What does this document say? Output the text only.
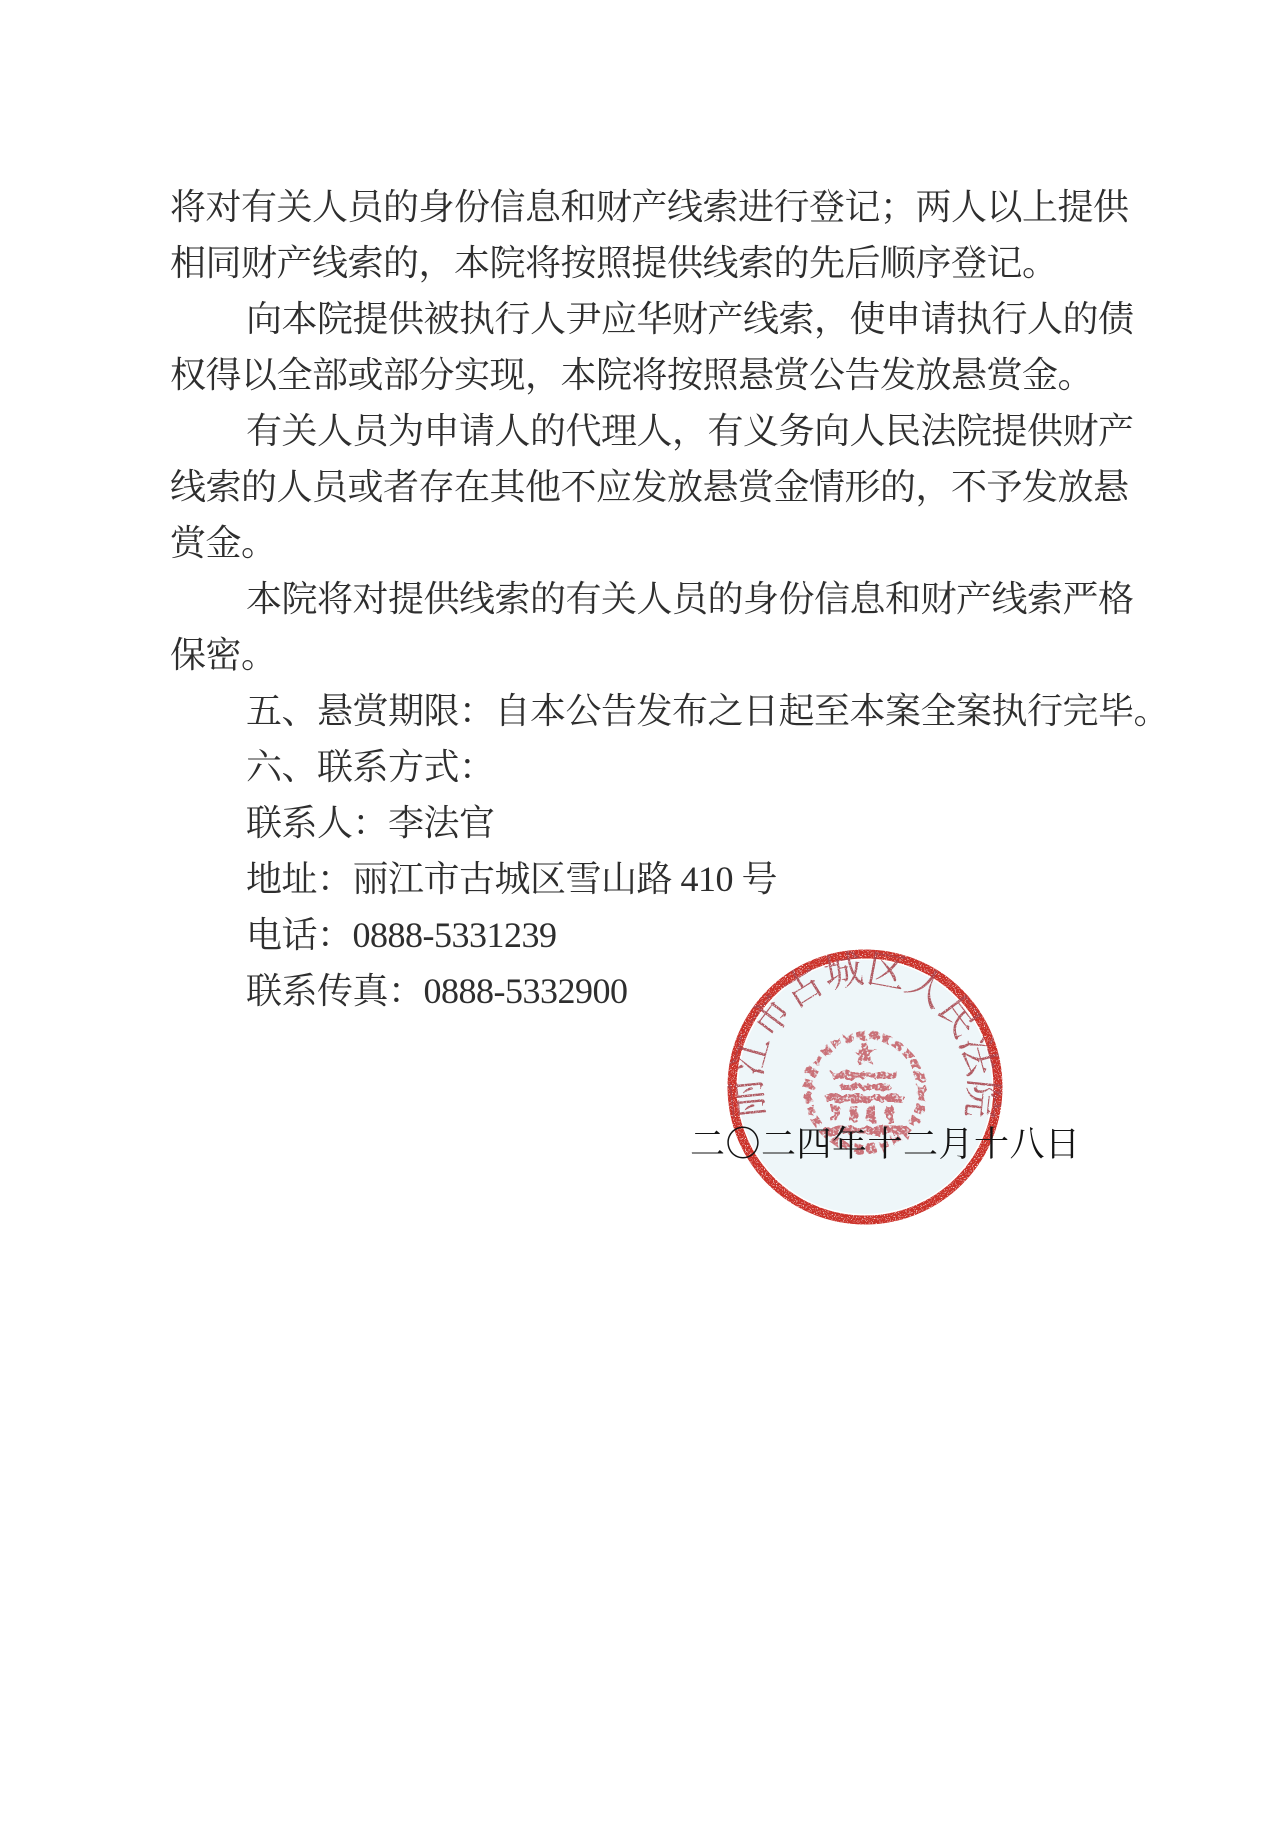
将对有关人员的身份信息和财产线索进行登记；两人以上提供

相同财产线索的，本院将按照提供线索的先后顺序登记。

向本院提供被执行人尹应华财产线索，使申请执行人的债

权得以全部或部分实现，本院将按照悬赏公告发放悬赏金。

有关人员为申请人的代理人，有义务向人民法院提供财产

线索的人员或者存在其他不应发放悬赏金情形的，不予发放悬

赏金。

本院将对提供线索的有关人员的身份信息和财产线索严格

保密。

五、悬赏期限：自本公告发布之日起至本案全案执行完毕。

六、联系方式：

联系人：李法官

地址：丽江市古城区雪山路 410 号

电话：0888-5331239

联系传真：0888-5332900

丽江市古城区人民法院
二〇二四年十二月十八日
